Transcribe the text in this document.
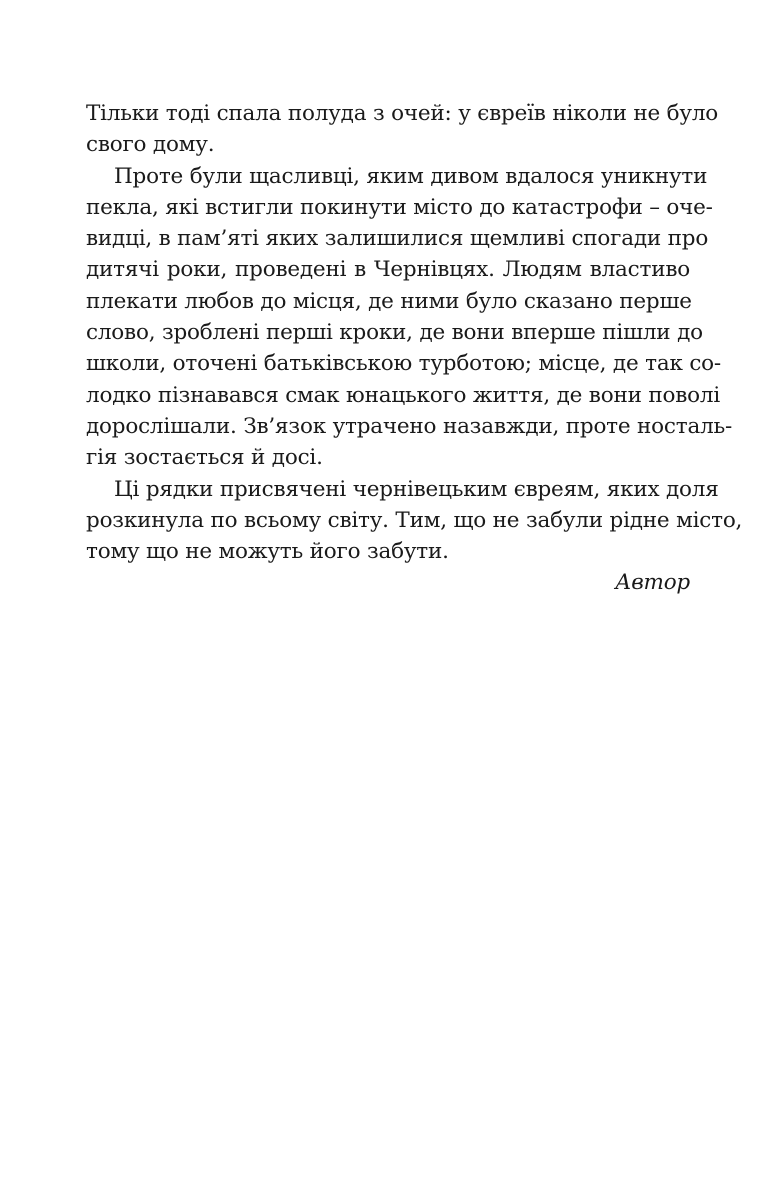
Тільки тоді спала полуда з очей: у євреїв ніколи не було
свого дому.
Проте були щасливці, яким дивом вдалося уникнути
пекла, які встигли покинути місто до катастрофи – оче-
видці, в пам’яті яких залишилися щемливі спогади про
дитячі роки, проведені в Чернівцях. Людям властиво
плекати любов до місця, де ними було сказано перше
слово, зроблені перші кроки, де вони вперше пішли до
школи, оточені батьківською турботою; місце, де так со-
лодко пізнавався смак юнацького життя, де вони поволі
дорослішали. Зв’язок утрачено назавжди, проте носталь-
гія зостається й досі.
Ці рядки присвячені чернівецьким євреям, яких доля
розкинула по всьому світу. Тим, що не забули рідне місто,
тому що не можуть його забути.
Автор
